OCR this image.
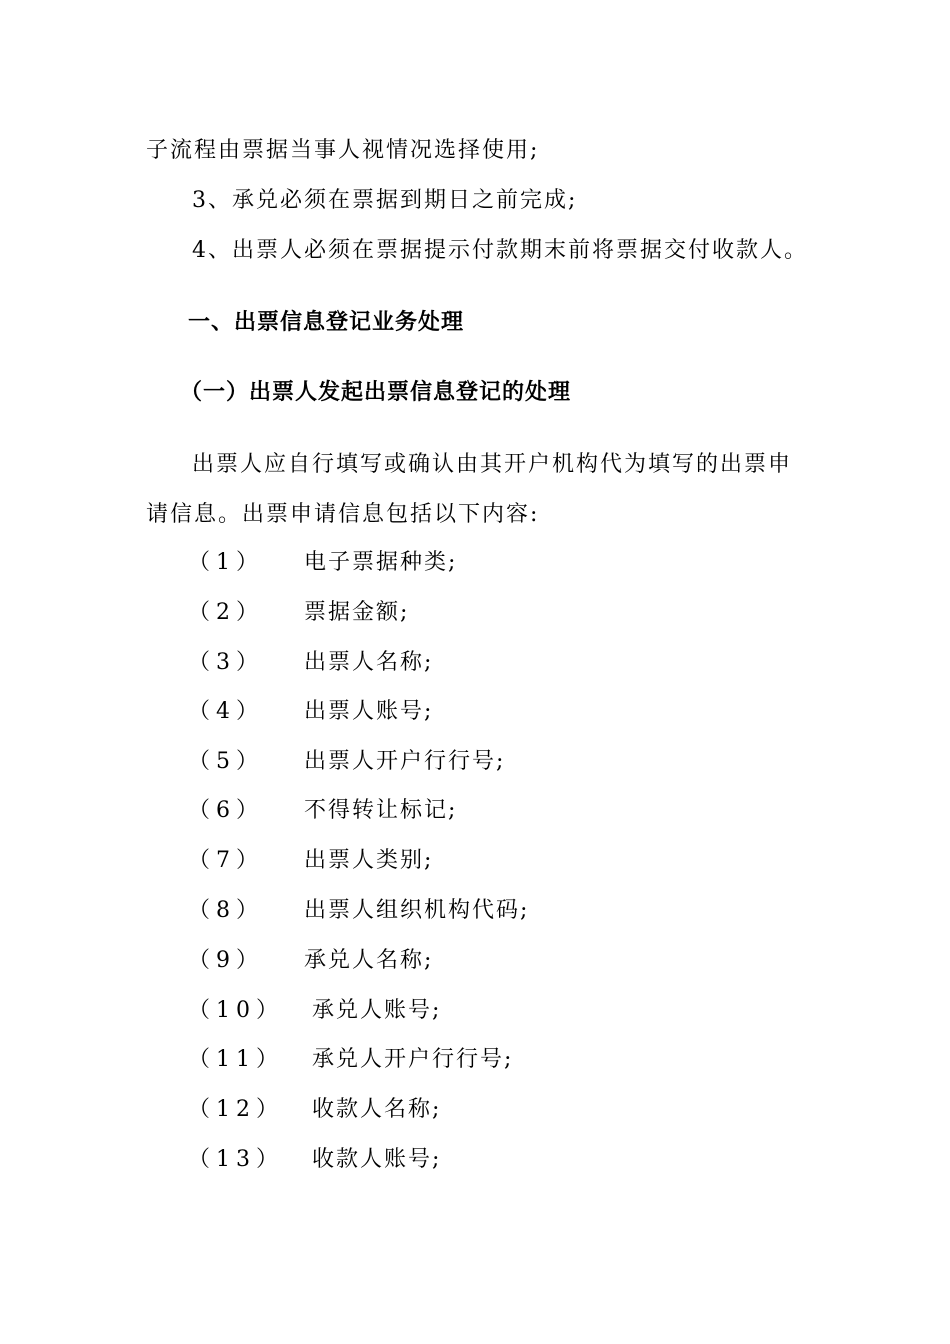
子流程由票据当事人视情况选择使用;
3、承兑必须在票据到期日之前完成;
4、出票人必须在票据提示付款期末前将票据交付收款人。
一、出票信息登记业务处理
（一）出票人发起出票信息登记的处理
出票人应自行填写或确认由其开户机构代为填写的出票申
请信息。出票申请信息包括以下内容:
（1） 电子票据种类;
（2） 票据金额;
（3） 出票人名称;
（4） 出票人账号;
（5） 出票人开户行行号;
（6） 不得转让标记;
（7） 出票人类别;
（8） 出票人组织机构代码;
（9） 承兑人名称;
（10） 承兑人账号;
（11） 承兑人开户行行号;
（12） 收款人名称;
（13） 收款人账号;
